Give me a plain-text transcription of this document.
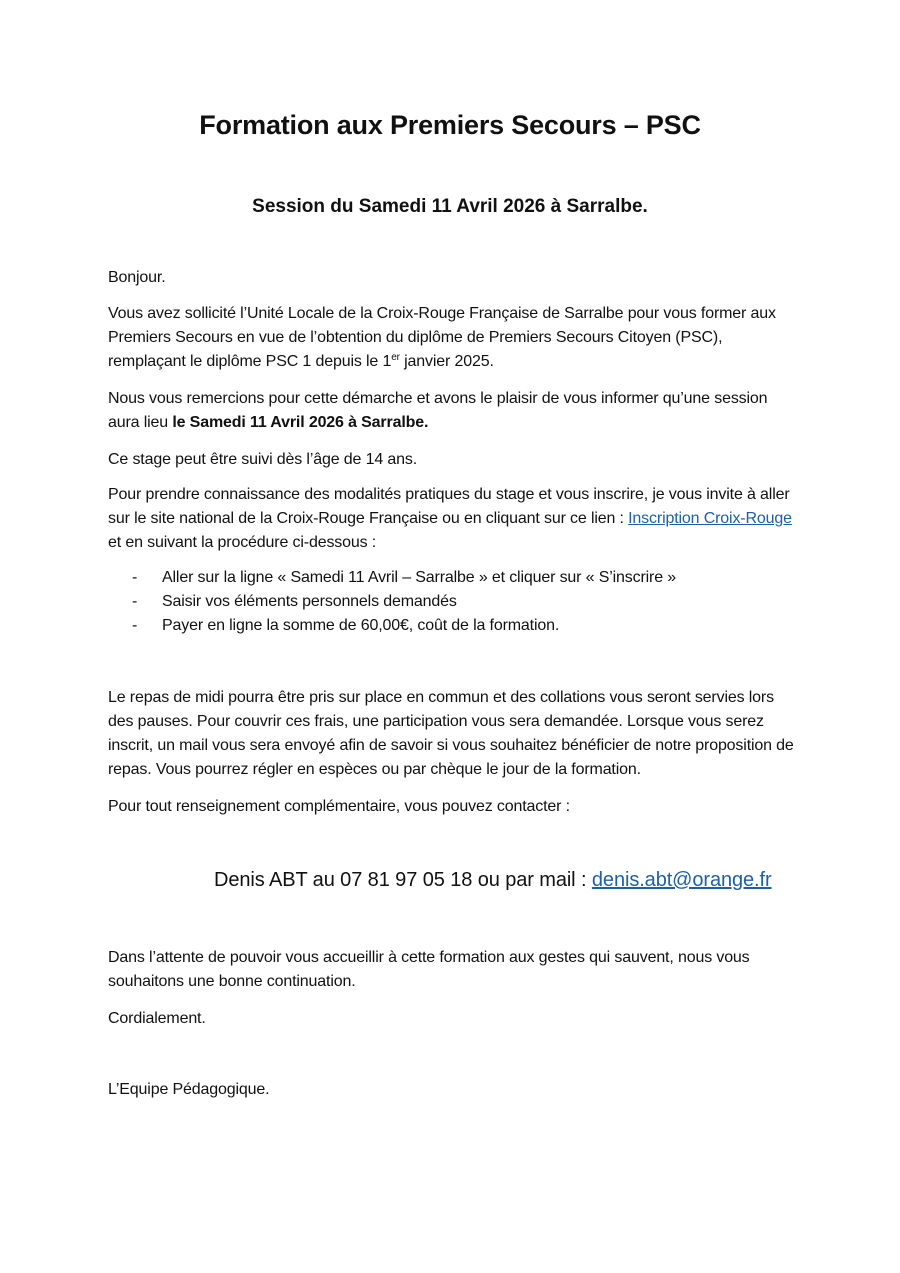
Formation aux Premiers Secours – PSC
Session du Samedi 11 Avril 2026 à Sarralbe.
Bonjour.
Vous avez sollicité l’Unité Locale de la Croix-Rouge Française de Sarralbe pour vous former aux Premiers Secours en vue de l’obtention du diplôme de Premiers Secours Citoyen (PSC), remplaçant le diplôme PSC 1 depuis le 1er janvier 2025.
Nous vous remercions pour cette démarche et avons le plaisir de vous informer qu’une session aura lieu le Samedi 11 Avril 2026 à Sarralbe.
Ce stage peut être suivi dès l’âge de 14 ans.
Pour prendre connaissance des modalités pratiques du stage et vous inscrire, je vous invite à aller sur le site national de la Croix-Rouge Française ou en cliquant sur ce lien : Inscription Croix-Rouge et en suivant la procédure ci-dessous :
- Aller sur la ligne « Samedi 11 Avril – Sarralbe » et cliquer sur « S’inscrire »
- Saisir vos éléments personnels demandés
- Payer en ligne la somme de 60,00€, coût de la formation.
Le repas de midi pourra être pris sur place en commun et des collations vous seront servies lors des pauses. Pour couvrir ces frais, une participation vous sera demandée. Lorsque vous serez inscrit, un mail vous sera envoyé afin de savoir si vous souhaitez bénéficier de notre proposition de repas. Vous pourrez régler en espèces ou par chèque le jour de la formation.
Pour tout renseignement complémentaire, vous pouvez contacter :
Denis ABT au 07 81 97 05 18 ou par mail : denis.abt@orange.fr
Dans l’attente de pouvoir vous accueillir à cette formation aux gestes qui sauvent, nous vous souhaitons une bonne continuation.
Cordialement.
L’Equipe Pédagogique.
